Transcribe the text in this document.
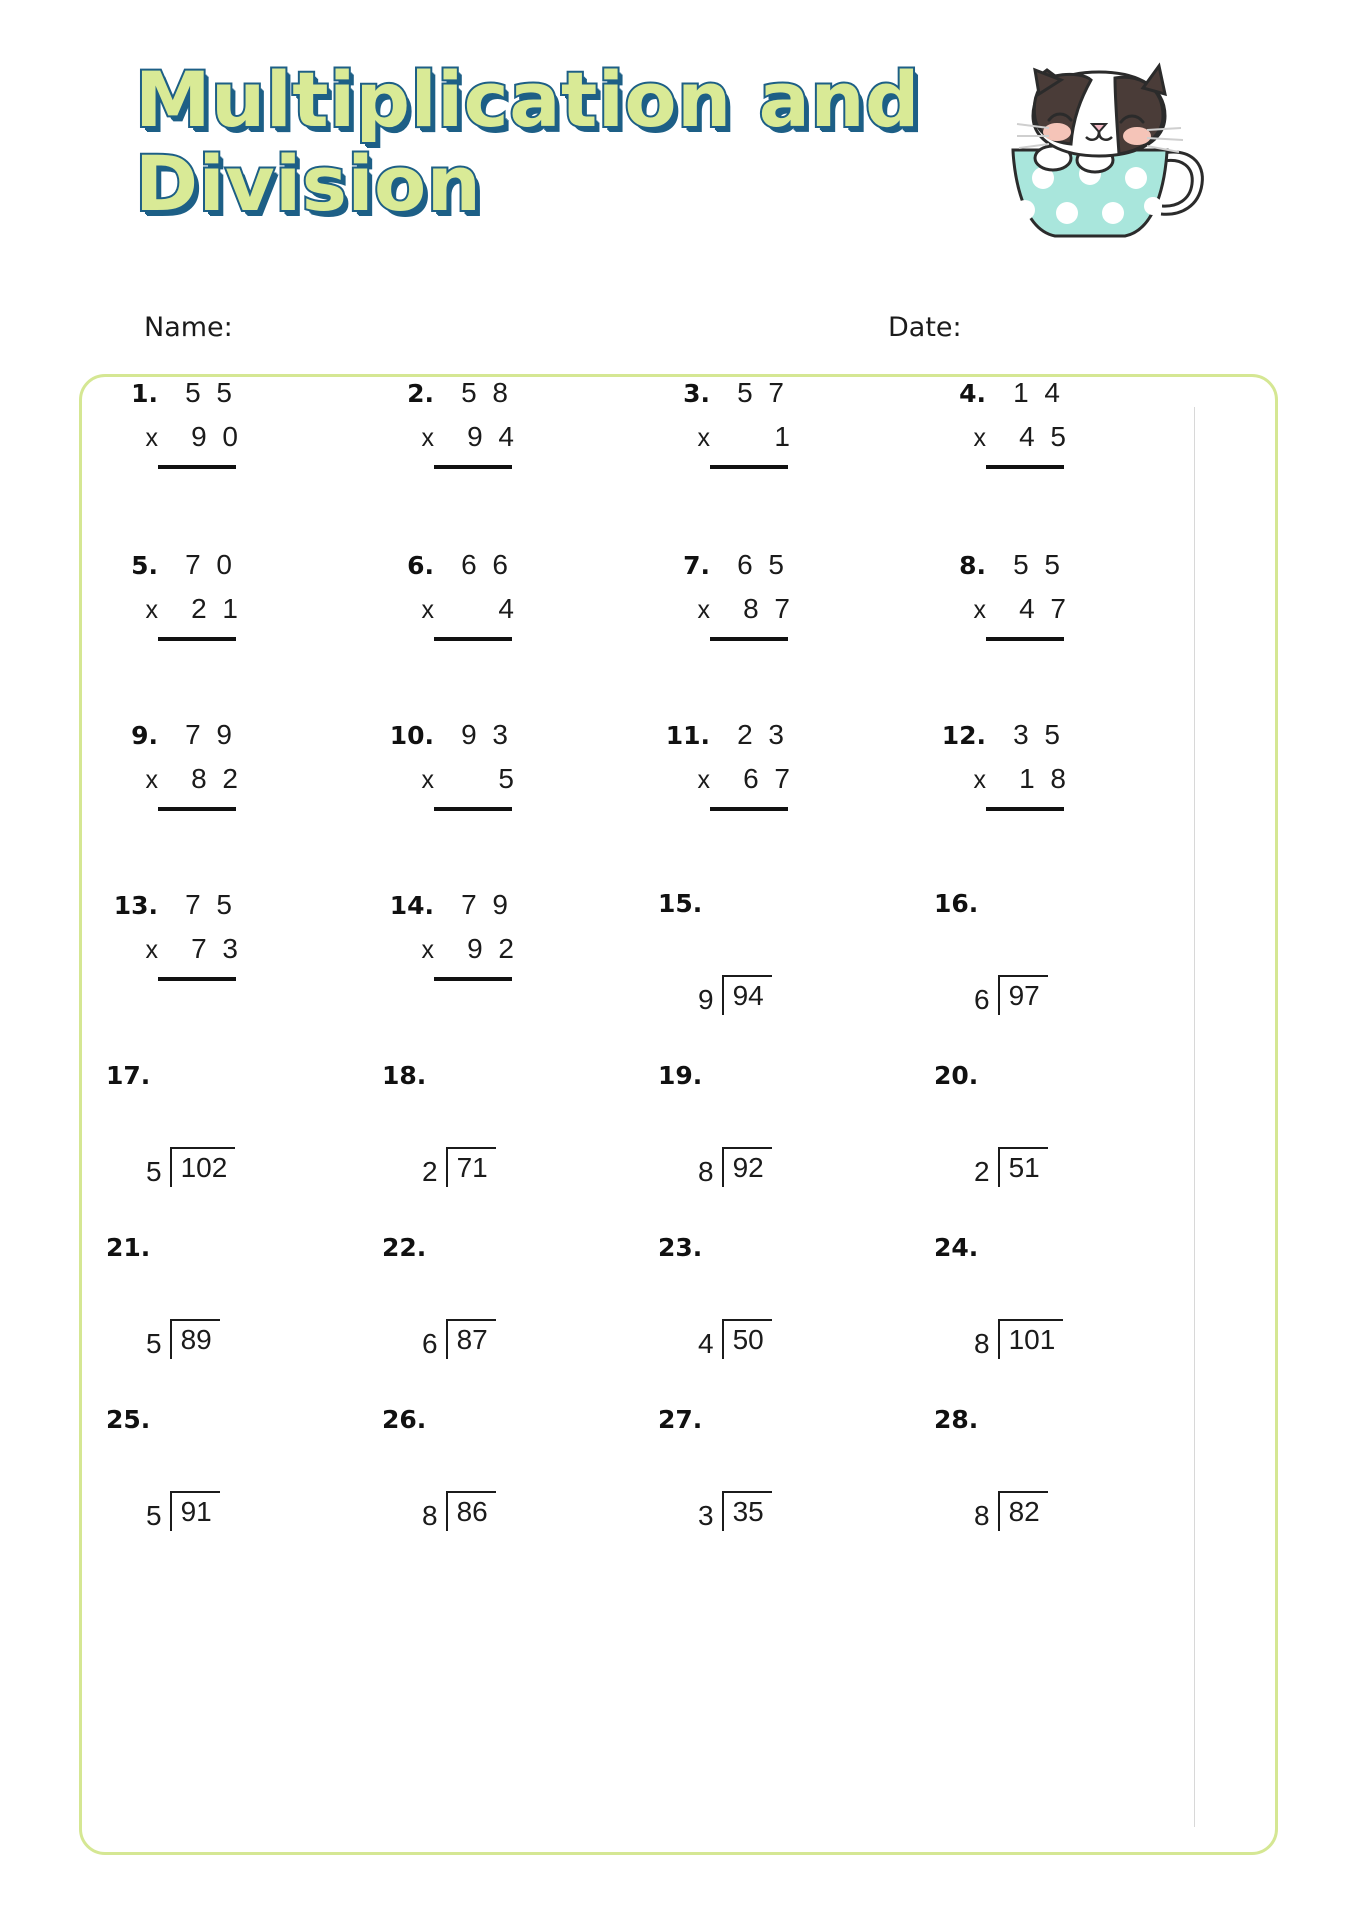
Multiplication and
Division
Name:	Date:
1. 5 5
x	9 0
2. 5 8
x	9 4
3. 5 7
x	1
4. 1 4
x	4 5
5. 7 0
x	2 1
6. 6 6
x	4
7. 6 5
x	8 7
8. 5 5
x	4 7
9. 7 9
x	8 2
10. 9 3
x	5
11. 2 3
x	6 7
12. 3 5
x	1 8
13. 7 5
x	7 3
14. 7 9
x	9 2
15.
9 94
16.
6 97
17.
5 102
18.
2 71
19.
8 92
20.
2 51
21.
5 89
22.
6 87
23.
4 50
24.
8 101
25.
5 91
26.
8 86
27.
3 35
28.
8 82
